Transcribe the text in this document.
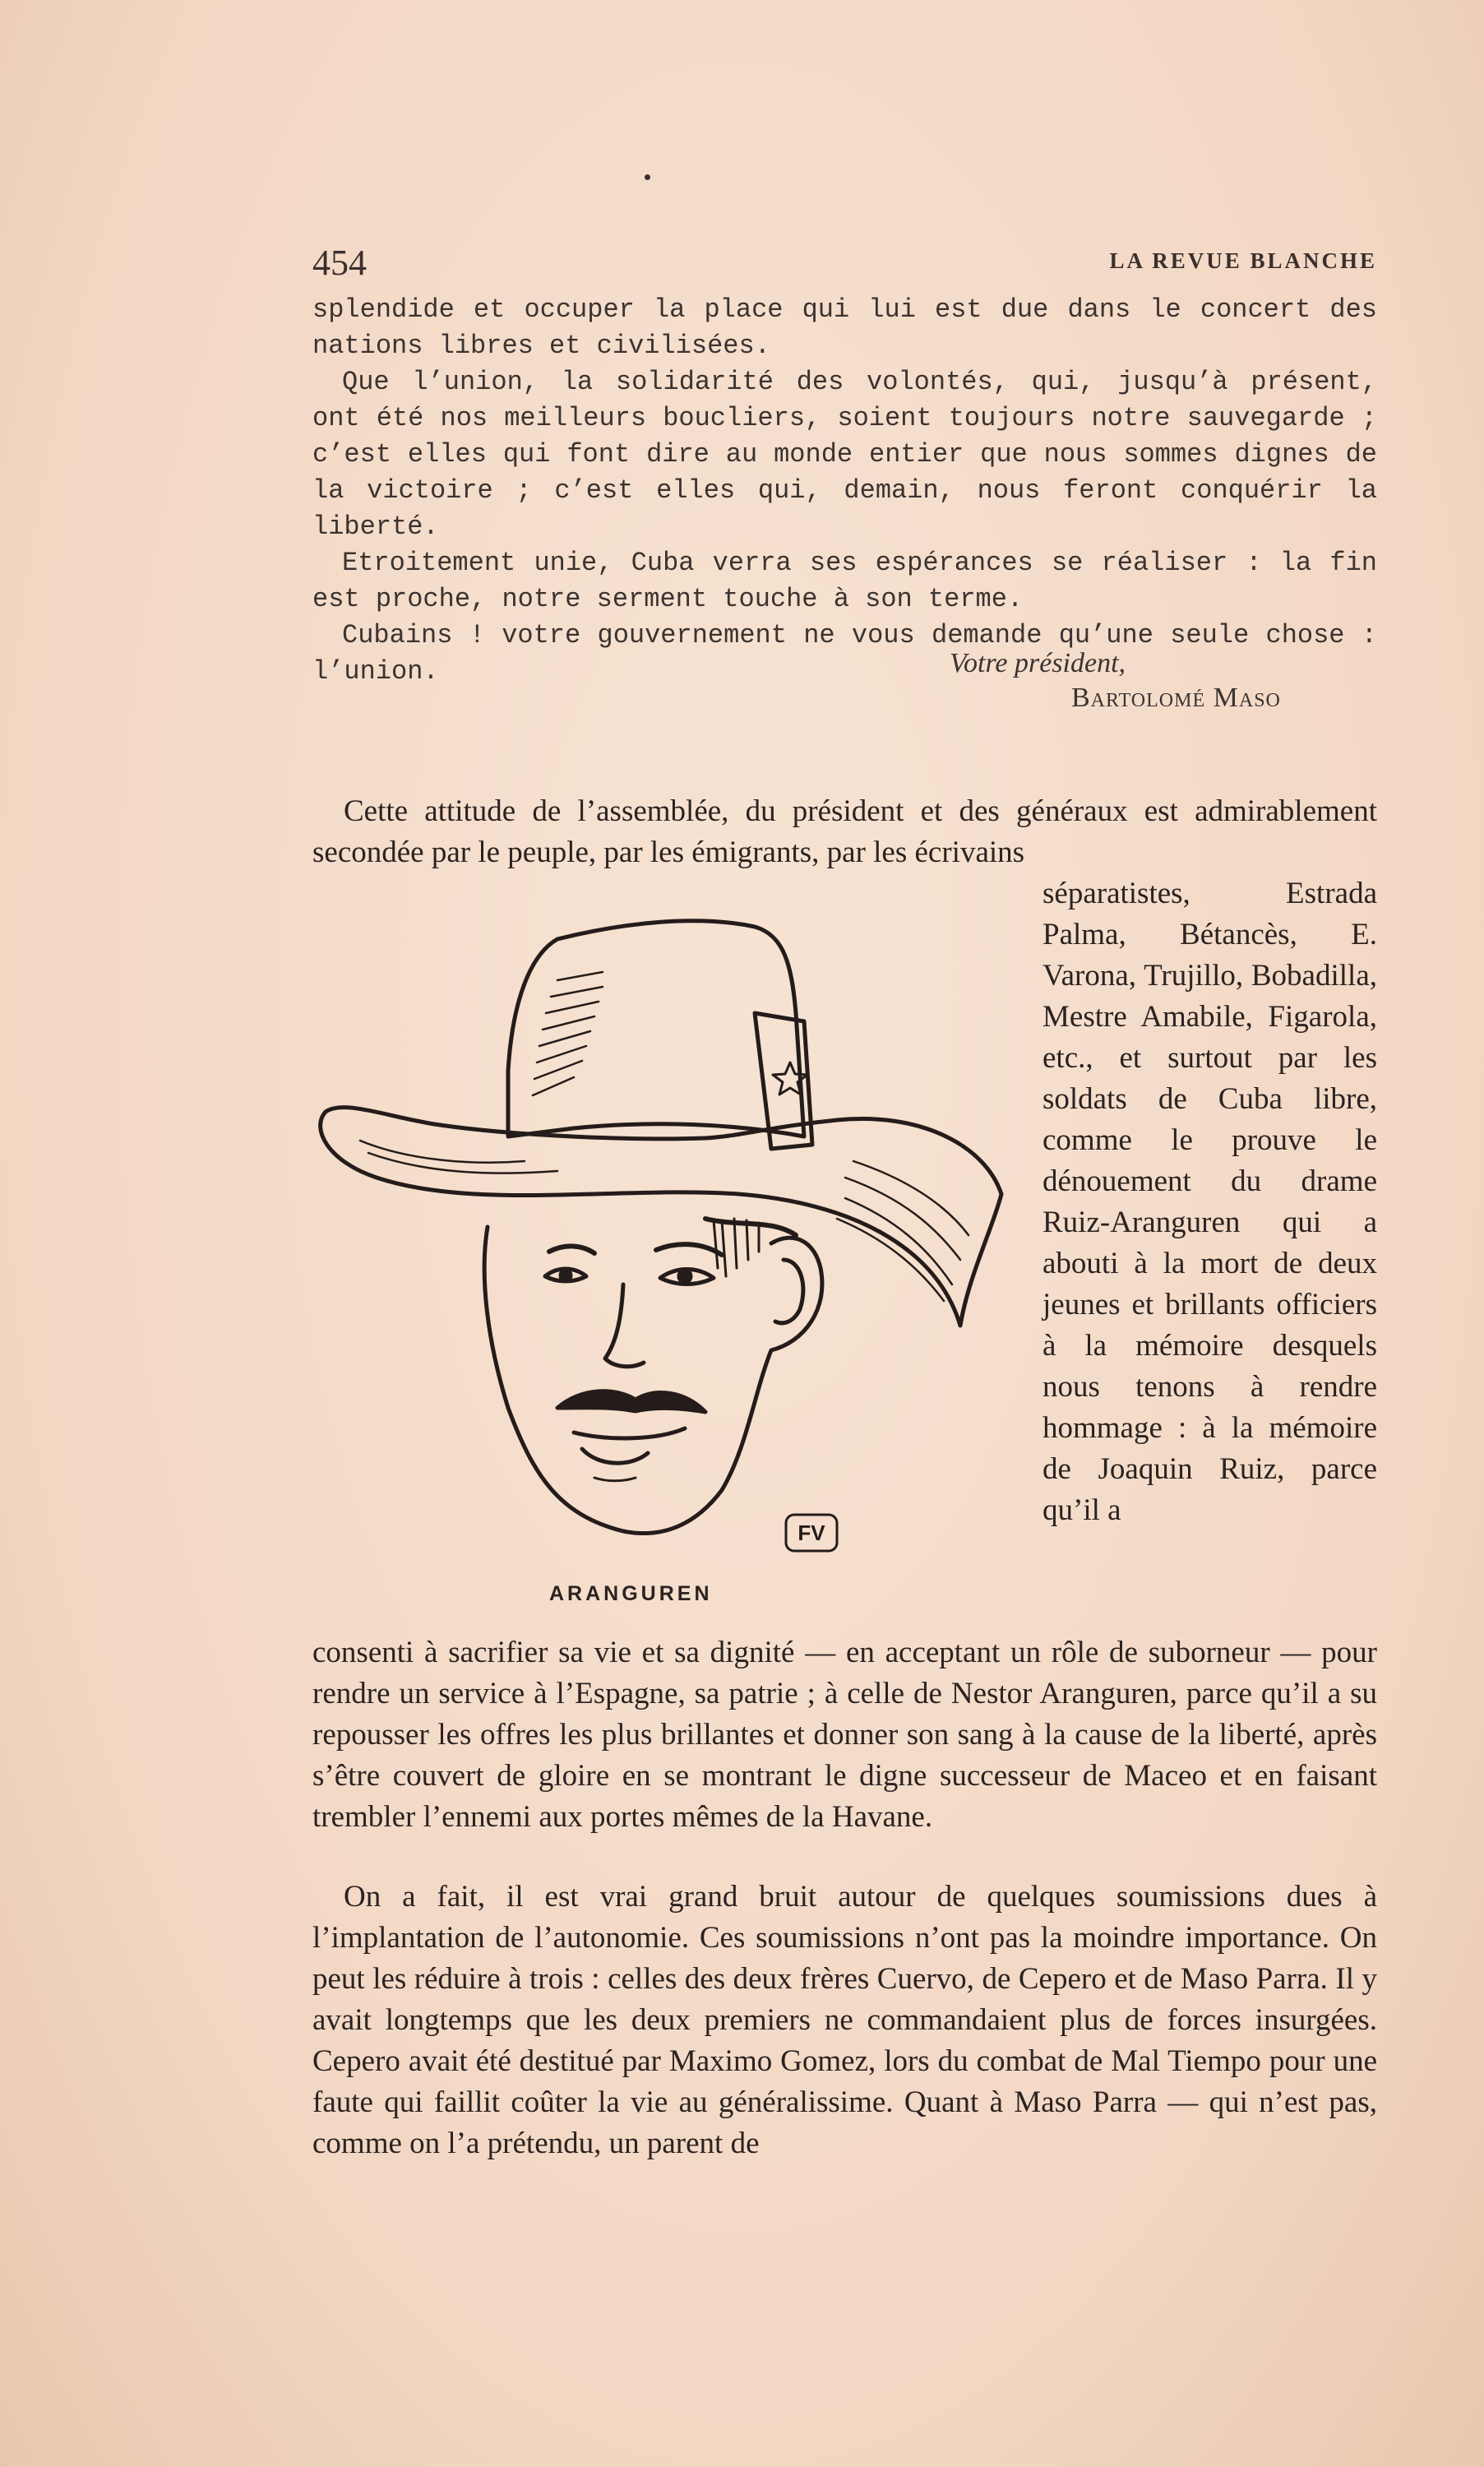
454	LA REVUE BLANCHE

splendide et occuper la place qui lui est due dans le concert des nations libres et civilisées.

Que l’union, la solidarité des volontés, qui, jusqu’à présent, ont été nos meilleurs boucliers, soient toujours notre sauvegarde ; c’est elles qui font dire au monde entier que nous sommes dignes de la victoire ; c’est elles qui, demain, nous feront conquérir la liberté.

Etroitement unie, Cuba verra ses espérances se réaliser : la fin est proche, notre serment touche à son terme.

Cubains ! votre gouvernement ne vous demande qu’une seule chose : l’union.	Votre président,
Bartolomé Maso

Cette attitude de l’assemblée, du président et des généraux est admirablement secondée par le peuple, par les émigrants, par les écrivains

séparatistes, Estrada Palma, Bétancès, E. Varona, Trujillo, Bobadilla, Mestre Amabile, Figarola, etc., et surtout par les soldats de Cuba libre, comme le prouve le dénouement du drame Ruiz-Aranguren qui a abouti à la mort de deux jeunes et brillants officiers à la mémoire desquels nous tenons à rendre hommage : à la mémoire de Joaquin Ruiz, parce qu’il a

FV
ARANGUREN

consenti à sacrifier sa vie et sa dignité — en acceptant un rôle de suborneur — pour rendre un service à l’Espagne, sa patrie ; à celle de Nestor Aranguren, parce qu’il a su repousser les offres les plus brillantes et donner son sang à la cause de la liberté, après s’être couvert de gloire en se montrant le digne successeur de Maceo et en faisant trembler l’ennemi aux portes mêmes de la Havane.

On a fait, il est vrai grand bruit autour de quelques soumissions dues à l’implantation de l’autonomie. Ces soumissions n’ont pas la moindre importance. On peut les réduire à trois : celles des deux frères Cuervo, de Cepero et de Maso Parra. Il y avait longtemps que les deux premiers ne commandaient plus de forces insurgées. Cepero avait été destitué par Maximo Gomez, lors du combat de Mal Tiempo pour une faute qui faillit coûter la vie au généralissime. Quant à Maso Parra — qui n’est pas, comme on l’a prétendu, un parent de
